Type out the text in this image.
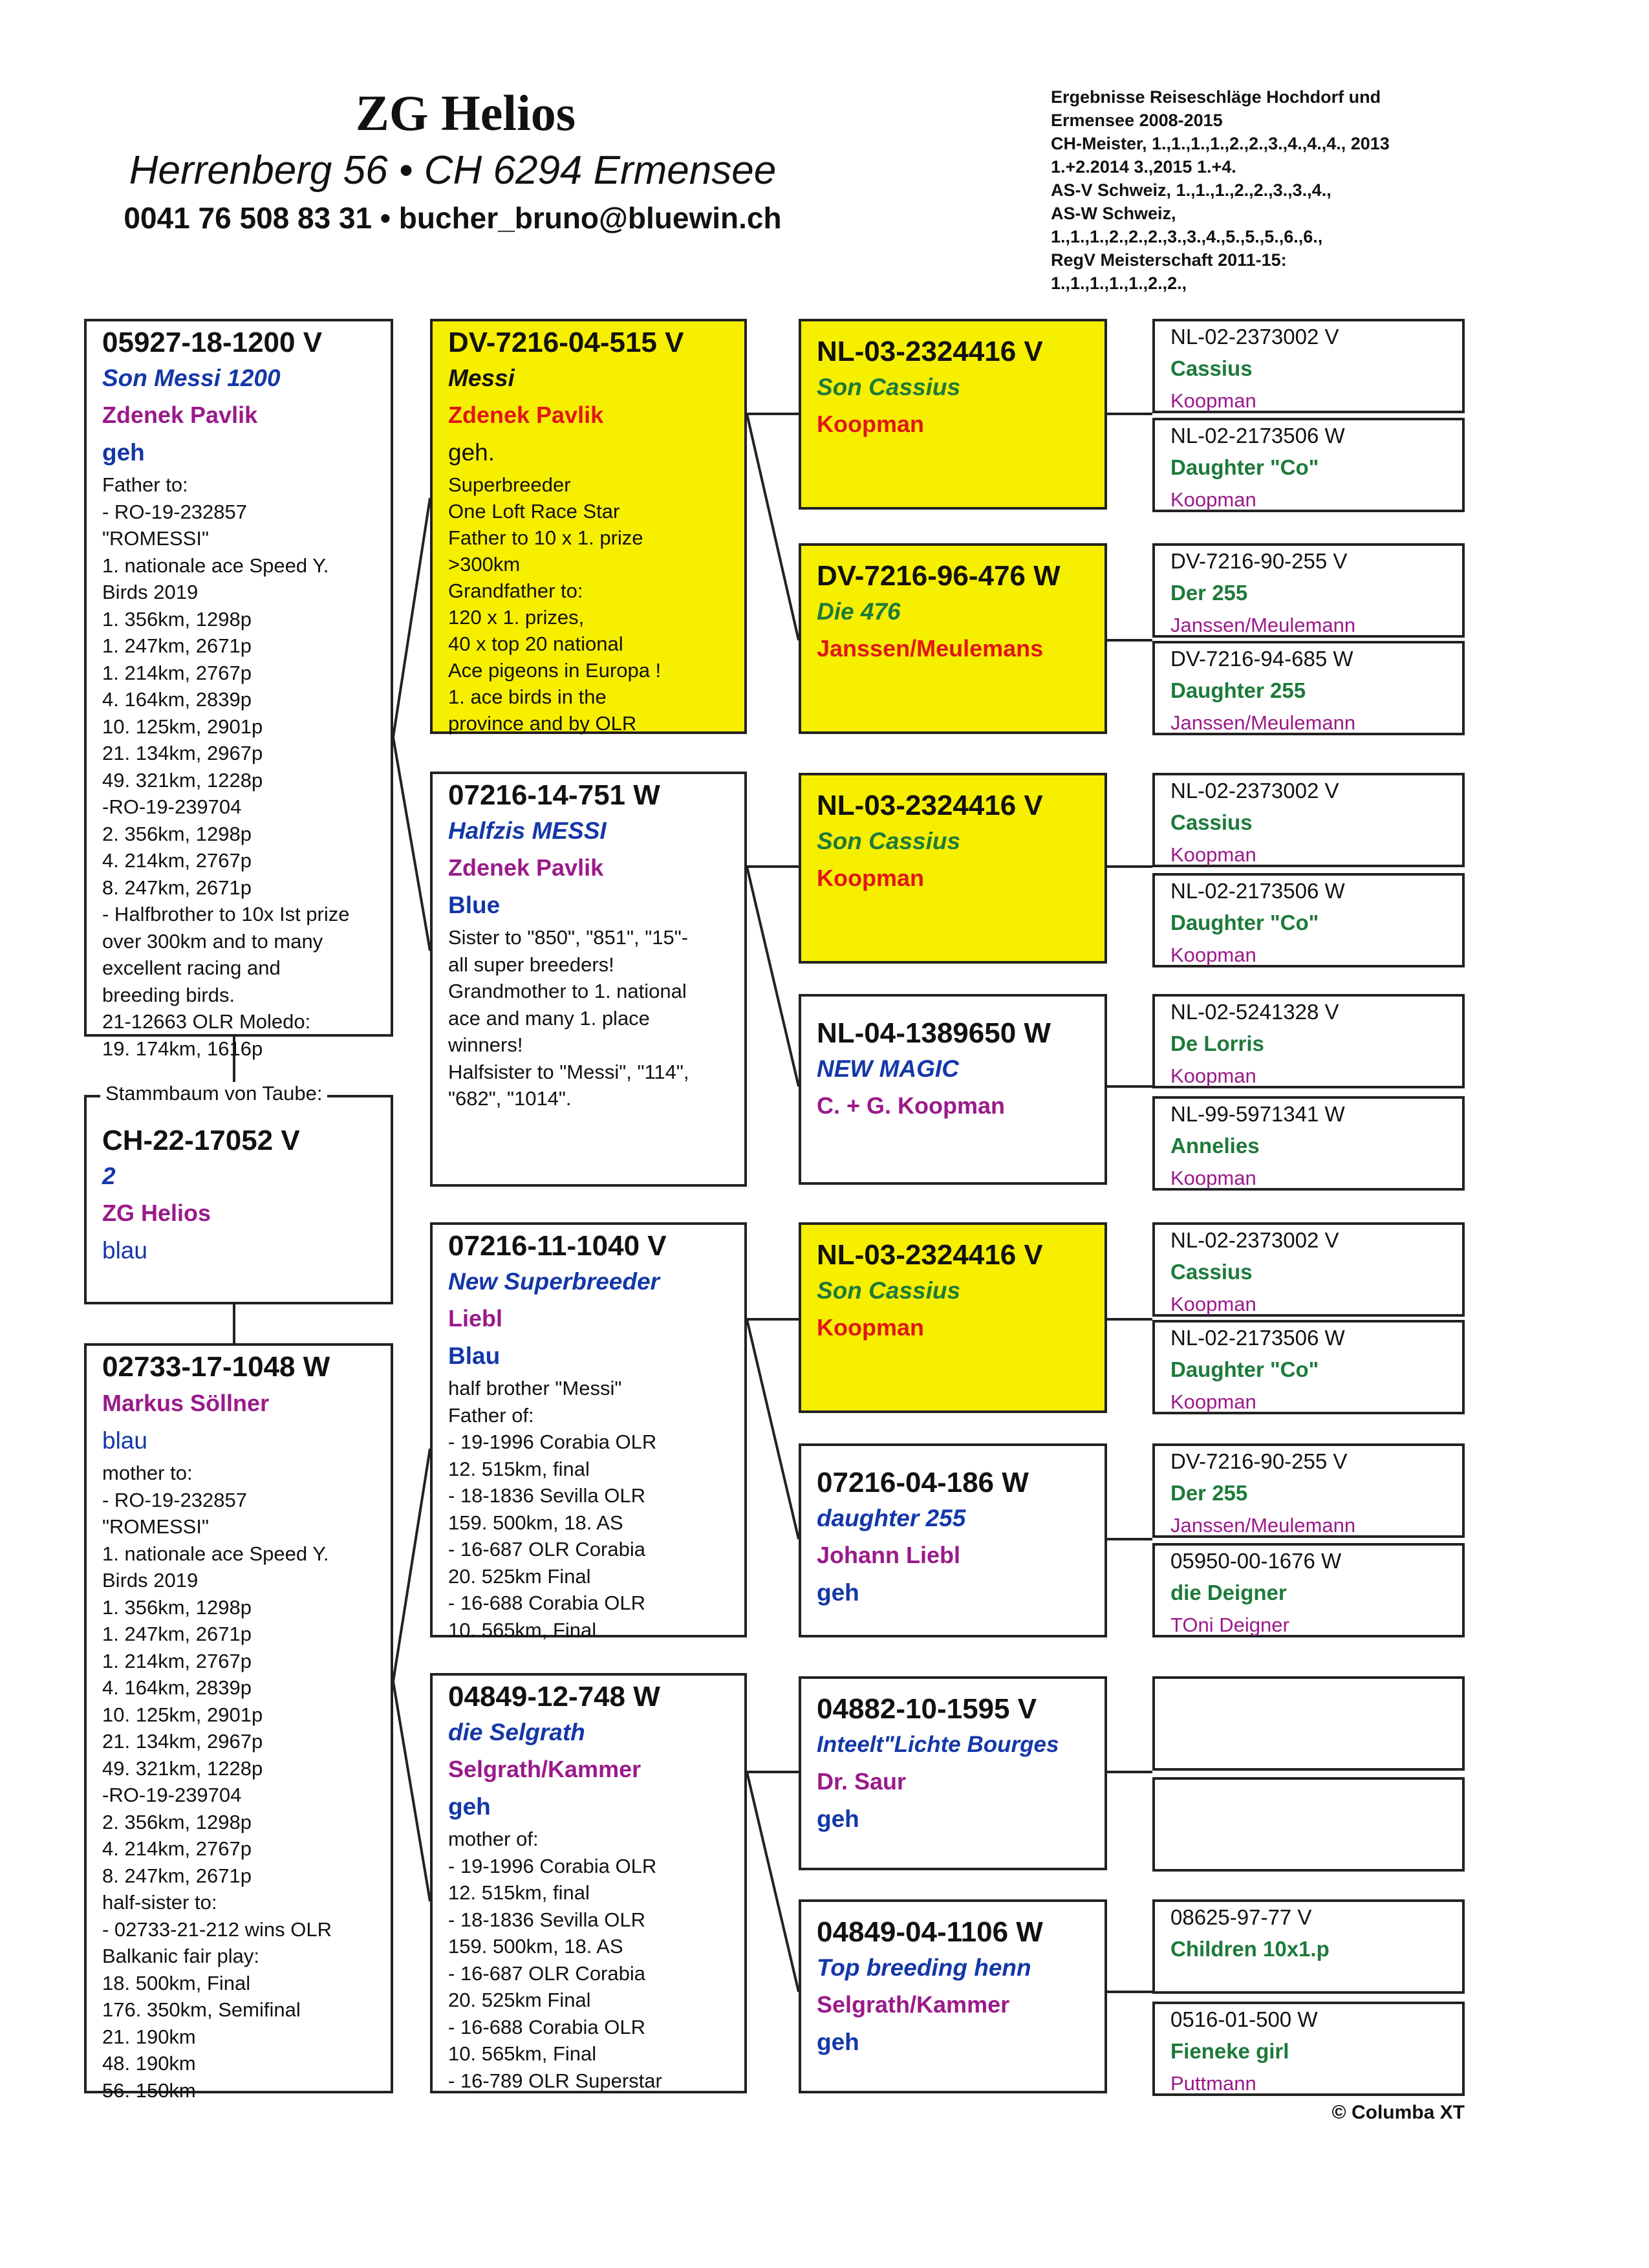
ZG Helios
Herrenberg 56 • CH 6294 Ermensee
0041 76 508 83 31 • bucher_bruno@bluewin.ch
Ergebnisse Reiseschläge Hochdorf und
Ermensee 2008-2015
CH-Meister, 1.,1.,1.,1.,2.,2.,3.,4.,4.,4., 2013
1.+2.2014 3.,2015 1.+4.
AS-V Schweiz, 1.,1.,1.,2.,2.,3.,3.,4.,
AS-W Schweiz,
1.,1.,1.,2.,2.,2.,3.,3.,4.,5.,5.,5.,6.,6.,
RegV Meisterschaft 2011-15:
1.,1.,1.,1.,1.,2.,2.,
05927-18-1200 V
Son Messi 1200
Zdenek Pavlik
geh
Father to:
- RO-19-232857
"ROMESSI"
1. nationale ace Speed Y.
Birds 2019
1. 356km, 1298p
1. 247km, 2671p
1. 214km, 2767p
4. 164km, 2839p
10. 125km, 2901p
21. 134km, 2967p
49. 321km, 1228p
-RO-19-239704
2. 356km, 1298p
4. 214km, 2767p
8. 247km, 2671p
- Halfbrother to 10x Ist prize
over 300km and to many
excellent racing and
breeding birds.
21-12663 OLR Moledo:
19. 174km, 1616p
CH-22-17052 V
2
ZG Helios
blau
Stammbaum von Taube:
02733-17-1048 W
Markus Söllner
blau
mother to:
- RO-19-232857
"ROMESSI"
1. nationale ace Speed Y.
Birds 2019
1. 356km, 1298p
1. 247km, 2671p
1. 214km, 2767p
4. 164km, 2839p
10. 125km, 2901p
21. 134km, 2967p
49. 321km, 1228p
-RO-19-239704
2. 356km, 1298p
4. 214km, 2767p
8. 247km, 2671p
half-sister to:
- 02733-21-212 wins OLR
Balkanic fair play:
18. 500km, Final
176. 350km, Semifinal
21. 190km
48. 190km
56. 150km
DV-7216-04-515 V
Messi
Zdenek Pavlik
geh.
Superbreeder
One Loft Race Star
Father to 10 x 1. prize
>300km
Grandfather to:
120 x 1. prizes,
40 x top 20 national
Ace pigeons in Europa !
1. ace birds in the
province and by OLR
07216-14-751 W
Halfzis MESSI
Zdenek Pavlik
Blue
Sister to "850", "851", "15"-
all super breeders!
Grandmother to 1. national
ace and many 1. place
winners!
Halfsister to "Messi", "114",
"682", "1014".
07216-11-1040 V
New Superbreeder
Liebl
Blau
half brother "Messi"
Father of:
- 19-1996 Corabia OLR
12. 515km, final
- 18-1836 Sevilla OLR
159. 500km, 18. AS
- 16-687 OLR Corabia
20. 525km Final
- 16-688 Corabia OLR
10. 565km, Final
04849-12-748 W
die Selgrath
Selgrath/Kammer
geh
mother of:
- 19-1996 Corabia OLR
12. 515km, final
- 18-1836 Sevilla OLR
159. 500km, 18. AS
- 16-687 OLR Corabia
20. 525km Final
- 16-688 Corabia OLR
10. 565km, Final
- 16-789 OLR Superstar
NL-03-2324416 V
Son Cassius
Koopman
DV-7216-96-476 W
Die 476
Janssen/Meulemans
NL-03-2324416 V
Son Cassius
Koopman
NL-04-1389650 W
NEW MAGIC
C. + G. Koopman
NL-03-2324416 V
Son Cassius
Koopman
07216-04-186 W
daughter 255
Johann Liebl
geh
04882-10-1595 V
Inteelt"Lichte Bourges
Dr. Saur
geh
04849-04-1106 W
Top breeding henn
Selgrath/Kammer
geh
NL-02-2373002 V
Cassius
Koopman
NL-02-2173506 W
Daughter "Co"
Koopman
DV-7216-90-255 V
Der 255
Janssen/Meulemann
DV-7216-94-685 W
Daughter 255
Janssen/Meulemann
NL-02-2373002 V
Cassius
Koopman
NL-02-2173506 W
Daughter "Co"
Koopman
NL-02-5241328 V
De Lorris
Koopman
NL-99-5971341 W
Annelies
Koopman
NL-02-2373002 V
Cassius
Koopman
NL-02-2173506 W
Daughter "Co"
Koopman
DV-7216-90-255 V
Der 255
Janssen/Meulemann
05950-00-1676 W
die Deigner
TOni Deigner
08625-97-77 V
Children 10x1.p
0516-01-500 W
Fieneke girl
Puttmann
© Columba XT
